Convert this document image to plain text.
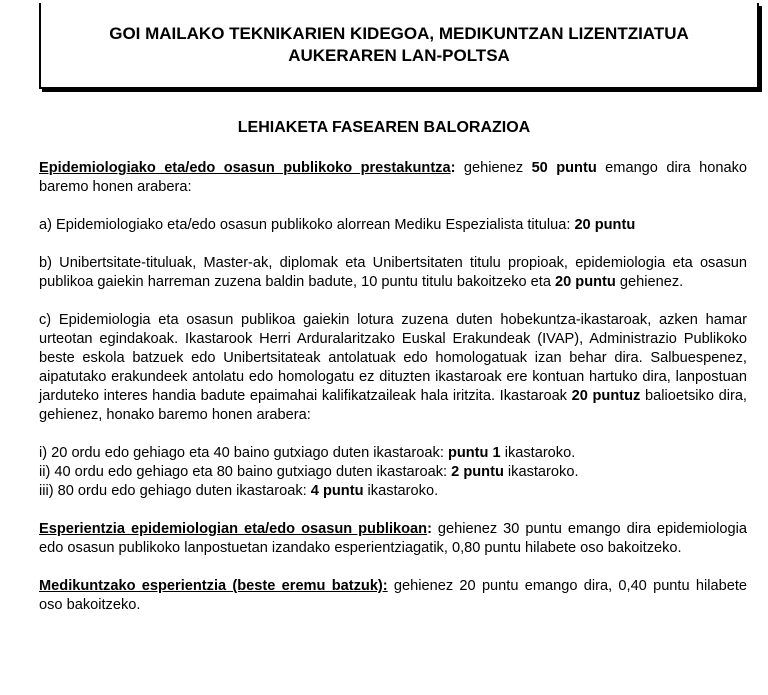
GOI MAILAKO TEKNIKARIEN KIDEGOA, MEDIKUNTZAN LIZENTZIATUA
AUKERAREN LAN-POLTSA
LEHIAKETA FASEAREN BALORAZIOA

Epidemiologiako eta/edo osasun publikoko prestakuntza: gehienez 50 puntu emango dira honako baremo honen arabera:

a) Epidemiologiako eta/edo osasun publikoko alorrean Mediku Espezialista titulua: 20 puntu

b) Unibertsitate-tituluak, Master-ak, diplomak eta Unibertsitaten titulu propioak, epidemiologia eta osasun publikoa gaiekin harreman zuzena baldin badute, 10 puntu titulu bakoitzeko eta 20 puntu gehienez.

c) Epidemiologia eta osasun publikoa gaiekin lotura zuzena duten hobekuntza-ikastaroak, azken hamar urteotan egindakoak. Ikastarook Herri Arduralaritzako Euskal Erakundeak (IVAP), Administrazio Publikoko beste eskola batzuek edo Unibertsitateak antolatuak edo homologatuak izan behar dira. Salbuespenez, aipatutako erakundeek antolatu edo homologatu ez dituzten ikastaroak ere kontuan hartuko dira, lanpostuan jarduteko interes handia badute epaimahai kalifikatzaileak hala iritzita. Ikastaroak 20 puntuz balioetsiko dira, gehienez, honako baremo honen arabera:

i) 20 ordu edo gehiago eta 40 baino gutxiago duten ikastaroak: puntu 1 ikastaroko.

ii) 40 ordu edo gehiago eta 80 baino gutxiago duten ikastaroak: 2 puntu ikastaroko.

iii) 80 ordu edo gehiago duten ikastaroak: 4 puntu ikastaroko.

Esperientzia epidemiologian eta/edo osasun publikoan: gehienez 30 puntu emango dira epidemiologia edo osasun publikoko lanpostuetan izandako esperientziagatik, 0,80 puntu hilabete oso bakoitzeko.

Medikuntzako esperientzia (beste eremu batzuk): gehienez 20 puntu emango dira, 0,40 puntu hilabete oso bakoitzeko.
